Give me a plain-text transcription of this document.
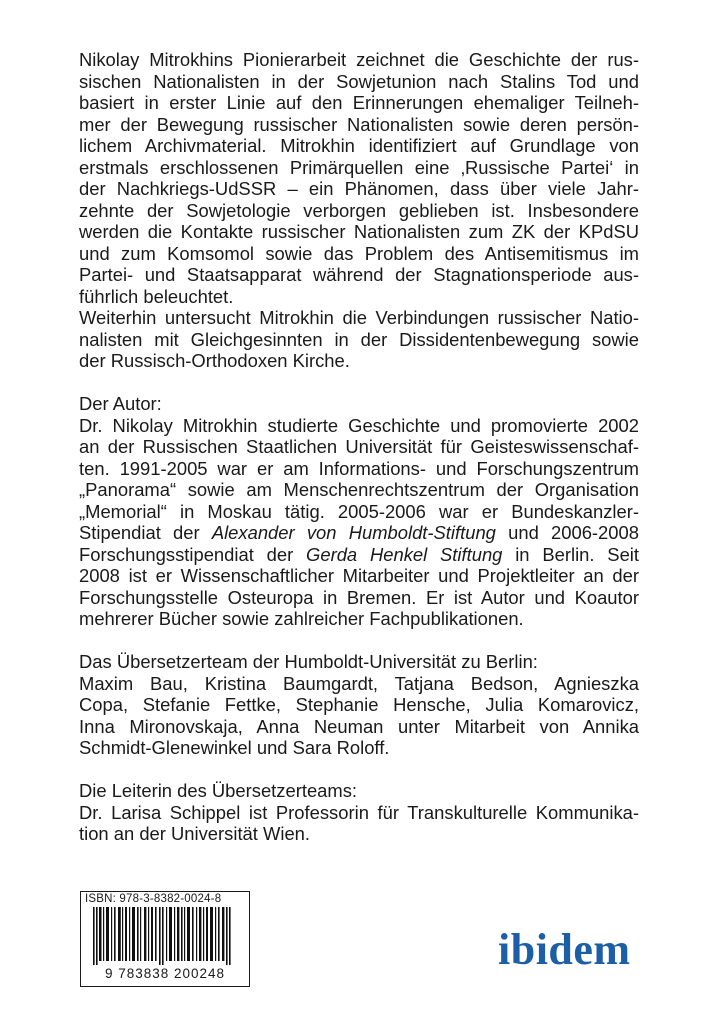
Nikolay Mitrokhins Pionierarbeit zeichnet die Geschichte der rus-
sischen Nationalisten in der Sowjetunion nach Stalins Tod und
basiert in erster Linie auf den Erinnerungen ehemaliger Teilneh-
mer der Bewegung russischer Nationalisten sowie deren persön-
lichem Archivmaterial. Mitrokhin identifiziert auf Grundlage von
erstmals erschlossenen Primärquellen eine ‚Russische Partei‘ in
der Nachkriegs-UdSSR – ein Phänomen, dass über viele Jahr-
zehnte der Sowjetologie verborgen geblieben ist. Insbesondere
werden die Kontakte russischer Nationalisten zum ZK der KPdSU
und zum Komsomol sowie das Problem des Antisemitismus im
Partei- und Staatsapparat während der Stagnationsperiode aus-
führlich beleuchtet.
Weiterhin untersucht Mitrokhin die Verbindungen russischer Natio-
nalisten mit Gleichgesinnten in der Dissidentenbewegung sowie
der Russisch-Orthodoxen Kirche.
Der Autor:
Dr. Nikolay Mitrokhin studierte Geschichte und promovierte 2002
an der Russischen Staatlichen Universität für Geisteswissenschaf-
ten. 1991-2005 war er am Informations- und Forschungszentrum
„Panorama“ sowie am Menschenrechtszentrum der Organisation
„Memorial“ in Moskau tätig. 2005-2006 war er Bundeskanzler-
Stipendiat der Alexander von Humboldt-Stiftung und 2006-2008
Forschungsstipendiat der Gerda Henkel Stiftung in Berlin. Seit
2008 ist er Wissenschaftlicher Mitarbeiter und Projektleiter an der
Forschungsstelle Osteuropa in Bremen. Er ist Autor und Koautor
mehrerer Bücher sowie zahlreicher Fachpublikationen.
Das Übersetzerteam der Humboldt-Universität zu Berlin:
Maxim Bau, Kristina Baumgardt, Tatjana Bedson, Agnieszka
Copa, Stefanie Fettke, Stephanie Hensche, Julia Komarovicz,
Inna Mironovskaja, Anna Neuman unter Mitarbeit von Annika
Schmidt-Glenewinkel und Sara Roloff.
Die Leiterin des Übersetzerteams:
Dr. Larisa Schippel ist Professorin für Transkulturelle Kommunika-
tion an der Universität Wien.
ISBN: 978-3-8382-0024-8
9 783838 200248	ibidem
